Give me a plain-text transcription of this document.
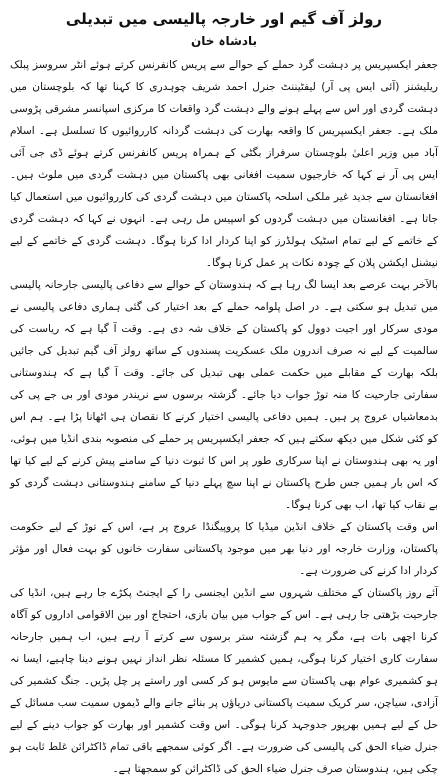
رولز آف گیم اور خارجہ پالیسی میں تبدیلی
بادشاہ خان

جعفر ایکسپریس پر دہشت گرد حملے کے حوالے سے پریس کانفرنس کرتے ہوئے انٹر سروسز پبلک ریلیشنز (آئی ایس پی آر) لیفٹیننٹ جنرل احمد شریف چوہدری کا کہنا تھا کہ بلوچستان میں دہشت گردی اور اس سے پہلے ہونے والے دہشت گرد واقعات کا مرکزی اسپانسر مشرقی پڑوسی ملک ہے۔ جعفر ایکسپریس کا واقعہ بھارت کی دہشت گردانہ کارروائیوں کا تسلسل ہے۔ اسلام آباد میں وزیر اعلیٰ بلوچستان سرفراز بگٹی کے ہمراہ پریس کانفرنس کرتے ہوئے ڈی جی آئی ایس پی آر نے کہا کہ خارجیوں سمیت افغانی بھی پاکستان میں دہشت گردی میں ملوث ہیں۔ افغانستان سے جدید غیر ملکی اسلحہ پاکستان میں دہشت گردی کی کارروائیوں میں استعمال کیا جاتا ہے۔ افغانستان میں دہشت گردوں کو اسپیس مل رہی ہے۔ انہوں نے کہا کہ دہشت گردی کے خاتمے کے لیے تمام اسٹیک ہولڈرز کو اپنا کردار ادا کرنا ہوگا۔ دہشت گردی کے خاتمے کے لیے نیشنل ایکشن پلان کے چودہ نکات پر عمل کرنا ہوگا۔

بالآخر بہت عرصے بعد ایسا لگ رہا ہے کہ ہندوستان کے حوالے سے دفاعی پالیسی جارحانہ پالیسی میں تبدیل ہو سکتی ہے۔ در اصل پلوامہ حملے کے بعد اختیار کی گئی ہماری دفاعی پالیسی نے مودی سرکار اور اجیت دوول کو پاکستان کے خلاف شہ دی ہے۔ وقت آ گیا ہے کہ ریاست کی سالمیت کے لیے نہ صرف اندرون ملک عسکریت پسندوں کے ساتھ رولز آف گیم تبدیل کی جائیں بلکہ بھارت کے مقابلے میں حکمت عملی بھی تبدیل کی جائے۔ وقت آ گیا ہے کہ ہندوستانی سفارتی جارحیت کا منہ توڑ جواب دیا جائے۔ گزشتہ برسوں سے نریندر مودی اور بی جے پی کی بدمعاشیاں عروج پر ہیں۔ ہمیں دفاعی پالیسی اختیار کرنے کا نقصان ہی اٹھانا پڑا ہے۔ ہم اس کو کئی شکل میں دیکھ سکتے ہیں کہ جعفر ایکسپریس پر حملے کی منصوبہ بندی انڈیا میں ہوئی، اور یہ بھی ہندوستان نے اپنا سرکاری طور پر اس کا ثبوت دنیا کے سامنے پیش کرنے کے لیے کیا تھا کہ اس بار ہمیں جس طرح پاکستان نے اپنا سچ پہلے دنیا کے سامنے ہندوستانی دہشت گردی کو بے نقاب کیا تھا، اب بھی کرنا ہوگا۔

اس وقت پاکستان کے خلاف انڈین میڈیا کا پروپیگنڈا عروج پر ہے، اس کے توڑ کے لیے حکومت پاکستان، وزارت خارجہ اور دنیا بھر میں موجود پاکستانی سفارت خانوں کو بہت فعال اور مؤثر کردار ادا کرنے کی ضرورت ہے۔

آئے روز پاکستان کے مختلف شہروں سے انڈین ایجنسی را کے ایجنٹ پکڑے جا رہے ہیں، انڈیا کی جارحیت بڑھتی جا رہی ہے۔ اس کے جواب میں بیان بازی، احتجاج اور بین الاقوامی اداروں کو آگاہ کرنا اچھی بات ہے، مگر یہ ہم گزشتہ ستر برسوں سے کرتے آ رہے ہیں، اب ہمیں جارحانہ سفارت کاری اختیار کرنا ہوگی، ہمیں کشمیر کا مسئلہ نظر انداز نہیں ہونے دینا چاہیے، ایسا نہ ہو کشمیری عوام بھی پاکستان سے مایوس ہو کر کسی اور راستے پر چل پڑیں۔ جنگ کشمیر کی آزادی، سیاچن، سر کریک سمیت پاکستانی دریاؤں پر بنائے جانے والے ڈیموں سمیت سب مسائل کے حل کے لیے ہمیں بھرپور جدوجہد کرنا ہوگی۔ اس وقت کشمیر اور بھارت کو جواب دینے کے لیے جنرل ضیاء الحق کی پالیسی کی ضرورت ہے۔ اگر کوئی سمجھے باقی تمام ڈاکٹرائن غلط ثابت ہو چکی ہیں، ہندوستان صرف جنرل ضیاء الحق کی ڈاکٹرائن کو سمجھتا ہے۔
